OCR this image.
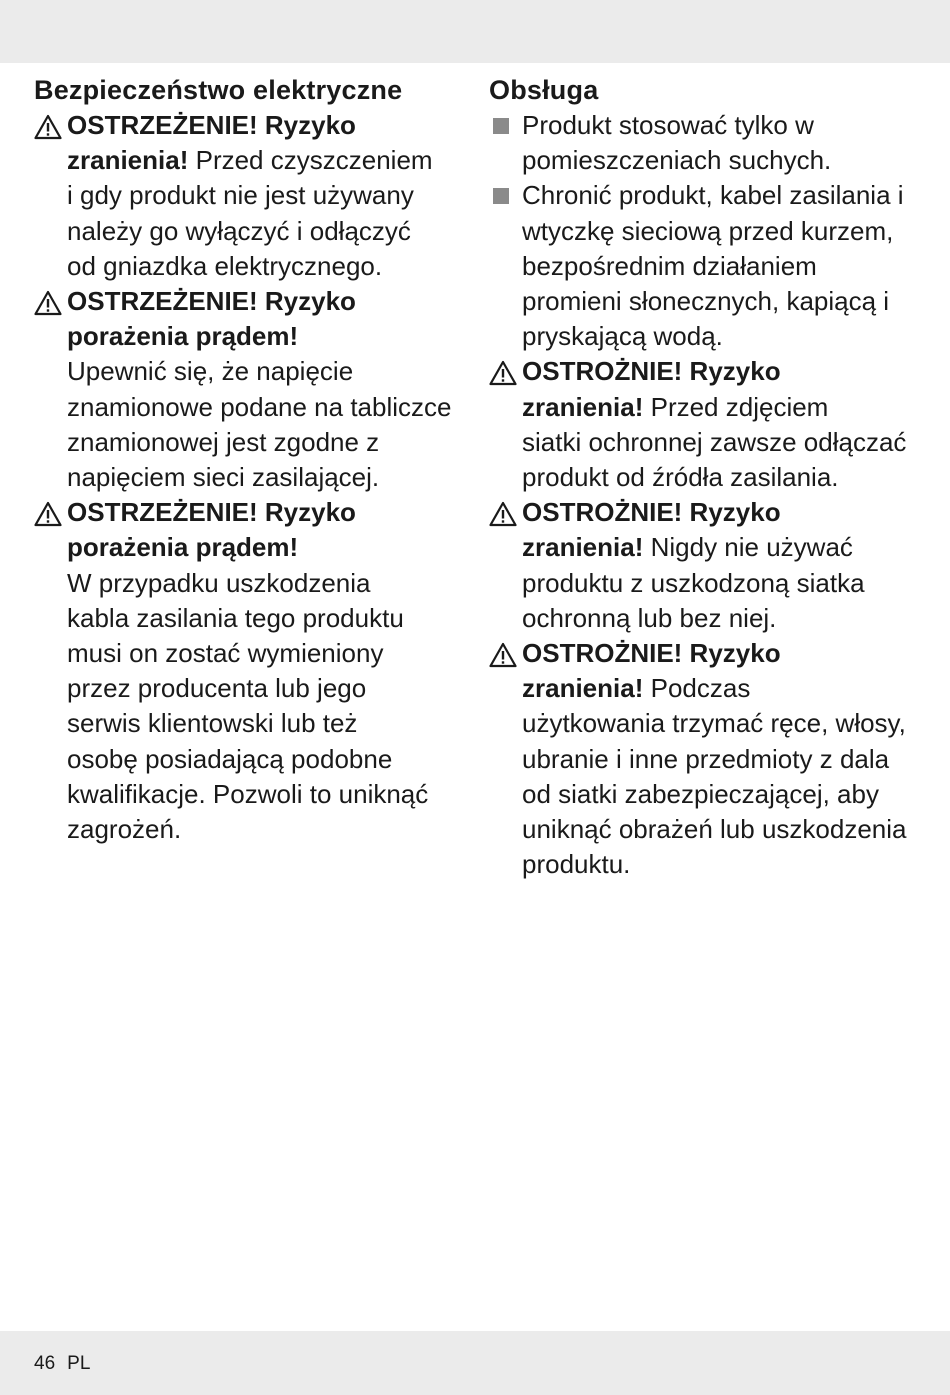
Bezpieczeństwo elektryczne
OSTRZEŻENIE! Ryzyko
zranienia! Przed czyszczeniem
i gdy produkt nie jest używany
należy go wyłączyć i odłączyć
od gniazdka elektrycznego.
OSTRZEŻENIE! Ryzyko
porażenia prądem!
Upewnić się, że napięcie
znamionowe podane na tabliczce
znamionowej jest zgodne z
napięciem sieci zasilającej.
OSTRZEŻENIE! Ryzyko
porażenia prądem!
W przypadku uszkodzenia
kabla zasilania tego produktu
musi on zostać wymieniony
przez producenta lub jego
serwis klientowski lub też
osobę posiadającą podobne
kwalifikacje. Pozwoli to uniknąć
zagrożeń.
Obsługa
Produkt stosować tylko w
pomieszczeniach suchych.
Chronić produkt, kabel zasilania i
wtyczkę sieciową przed kurzem,
bezpośrednim działaniem
promieni słonecznych, kapiącą i
pryskającą wodą.
OSTROŻNIE! Ryzyko
zranienia! Przed zdjęciem
siatki ochronnej zawsze odłączać
produkt od źródła zasilania.
OSTROŻNIE! Ryzyko
zranienia! Nigdy nie używać
produktu z uszkodzoną siatka
ochronną lub bez niej.
OSTROŻNIE! Ryzyko
zranienia! Podczas
użytkowania trzymać ręce, włosy,
ubranie i inne przedmioty z dala
od siatki zabezpieczającej, aby
uniknąć obrażeń lub uszkodzenia
produktu.
46 PL
